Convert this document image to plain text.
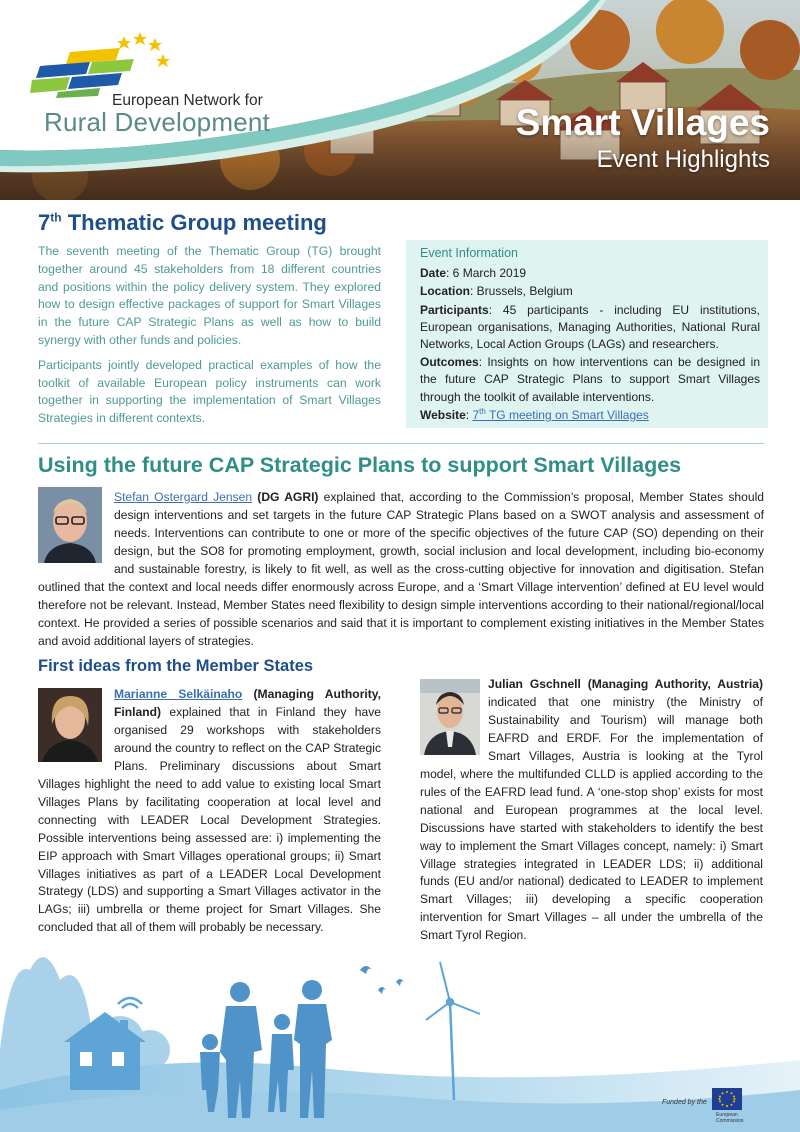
European Network for
Rural Development	Smart Villages
Event Highlights
7th Thematic Group meeting

The seventh meeting of the Thematic Group (TG) brought together around 45 stakeholders from 18 different countries and positions within the policy delivery system. They explored how to design effective packages of support for Smart Villages in the future CAP Strategic Plans as well as how to build synergy with other funds and policies.

Participants jointly developed practical examples of how the toolkit of available European policy instruments can work together in supporting the implementation of Smart Villages Strategies in different contexts.

Event Information
Date: 6 March 2019
Location: Brussels, Belgium
Participants: 45 participants - including EU institutions, European organisations, Managing Authorities, National Rural Networks, Local Action Groups (LAGs) and researchers.
Outcomes: Insights on how interventions can be designed in the future CAP Strategic Plans to support Smart Villages through the toolkit of available interventions.
Website: 7th TG meeting on Smart Villages
Using the future CAP Strategic Plans to support Smart Villages
Stefan Ostergard Jensen (DG AGRI) explained that, according to the Commission’s proposal, Member States should design interventions and set targets in the future CAP Strategic Plans based on a SWOT analysis and assessment of needs. Interventions can contribute to one or more of the specific objectives of the future CAP (SO) depending on their design, but the SO8 for promoting employment, growth, social inclusion and local development, including bio-economy and sustainable forestry, is likely to fit well, as well as the cross-cutting objective for innovation and digitisation. Stefan outlined that the context and local needs differ enormously across Europe, and a ‘Smart Village intervention’ defined at EU level would therefore not be relevant. Instead, Member States need flexibility to design simple interventions according to their national/regional/local context. He provided a series of possible scenarios and said that it is important to complement existing initiatives in the Member States and avoid additional layers of strategies.
First ideas from the Member States
Marianne Selkäinaho (Managing Authority, Finland) explained that in Finland they have organised 29 workshops with stakeholders around the country to reflect on the CAP Strategic Plans. Preliminary discussions about Smart Villages highlight the need to add value to existing local Smart Villages Plans by facilitating cooperation at local level and connecting with LEADER Local Development Strategies. Possible interventions being assessed are: i) implementing the EIP approach with Smart Villages operational groups; ii) Smart Villages initiatives as part of a LEADER Local Development Strategy (LDS) and supporting a Smart Villages activator in the LAGs; iii) umbrella or theme project for Smart Villages. She concluded that all of them will probably be necessary.
Julian Gschnell (Managing Authority, Austria) indicated that one ministry (the Ministry of Sustainability and Tourism) will manage both EAFRD and ERDF. For the implementation of Smart Villages, Austria is looking at the Tyrol model, where the multifunded CLLD is applied according to the rules of the EAFRD lead fund. A ‘one-stop shop’ exists for most national and European programmes at the local level. Discussions have started with stakeholders to identify the best way to implement the Smart Villages concept, namely: i) Smart Village strategies integrated in LEADER LDS; ii) additional funds (EU and/or national) dedicated to LEADER to implement Smart Villages; iii) developing a specific cooperation intervention for Smart Villages – all under the umbrella of the Smart Tyrol Region.
Funded by the
European
Commission
